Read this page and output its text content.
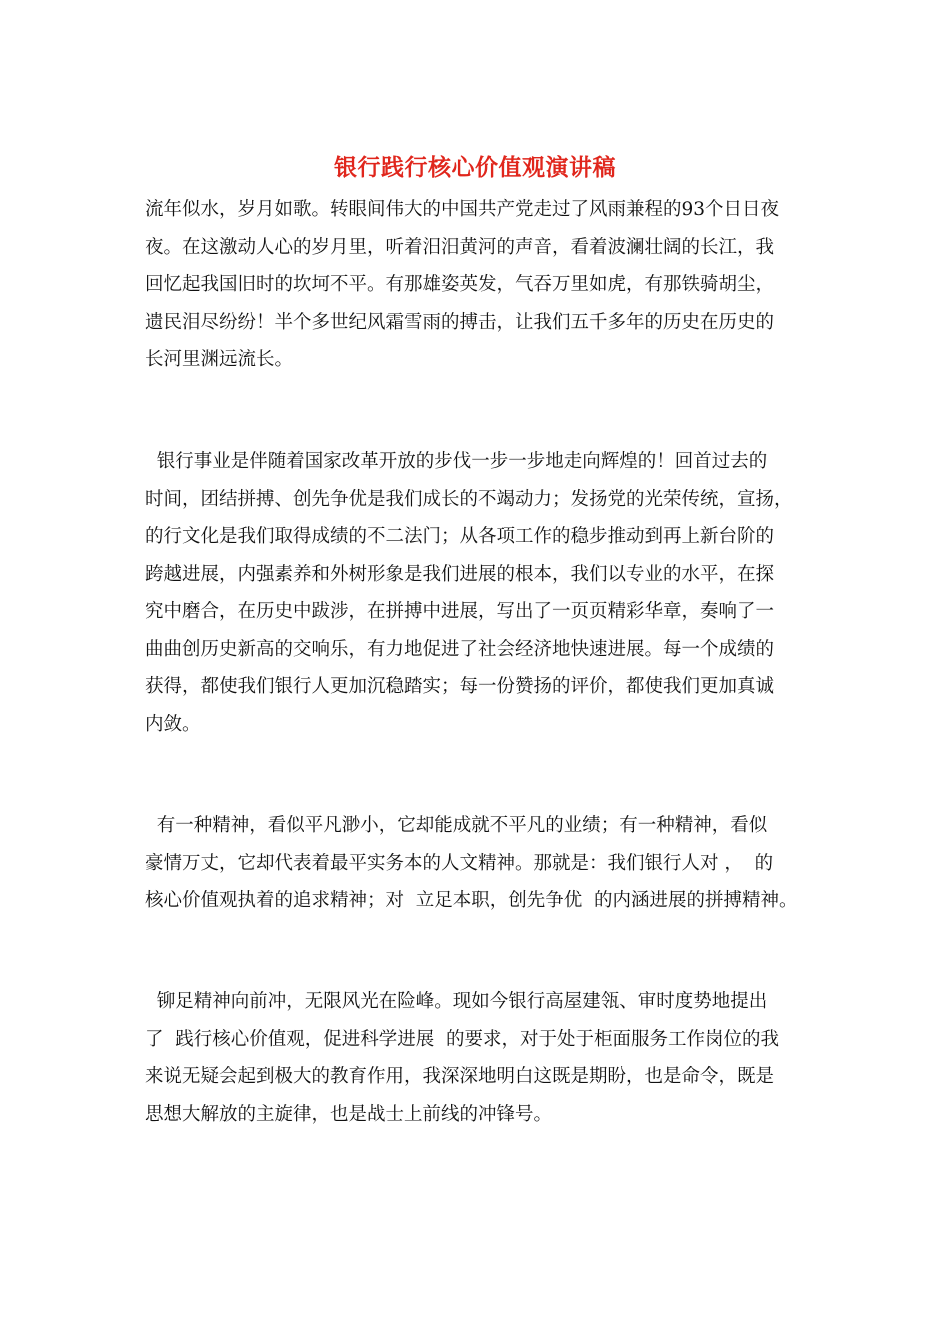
银行践行核心价值观演讲稿
流年似水，岁月如歌。转眼间伟大的中国共产党走过了风雨兼程的93个日日夜
夜。在这激动人心的岁月里，听着汨汨黄河的声音，看着波澜壮阔的长江，我
回忆起我国旧时的坎坷不平。有那雄姿英发，气吞万里如虎，有那铁骑胡尘，
遗民泪尽纷纷！半个多世纪风霜雪雨的搏击，让我们五千多年的历史在历史的
长河里渊远流长。
银行事业是伴随着国家改革开放的步伐一步一步地走向辉煌的！回首过去的
时间，团结拼搏、创先争优是我们成长的不竭动力；发扬党的光荣传统，宣扬，
的行文化是我们取得成绩的不二法门；从各项工作的稳步推动到再上新台阶的
跨越进展，内强素养和外树形象是我们进展的根本，我们以专业的水平，在探
究中磨合，在历史中跋涉，在拼搏中进展，写出了一页页精彩华章，奏响了一
曲曲创历史新高的交响乐，有力地促进了社会经济地快速进展。每一个成绩的
获得，都使我们银行人更加沉稳踏实；每一份赞扬的评价，都使我们更加真诚
内敛。
有一种精神，看似平凡渺小，它却能成就不平凡的业绩；有一种精神，看似
豪情万丈，它却代表着最平实务本的人文精神。那就是：我们银行人对 ，  的
核心价值观执着的追求精神；对  立足本职，创先争优  的内涵进展的拼搏精神。
铆足精神向前冲，无限风光在险峰。现如今银行高屋建瓴、审时度势地提出
了  践行核心价值观，促进科学进展  的要求，对于处于柜面服务工作岗位的我
来说无疑会起到极大的教育作用，我深深地明白这既是期盼，也是命令，既是
思想大解放的主旋律，也是战士上前线的冲锋号。
